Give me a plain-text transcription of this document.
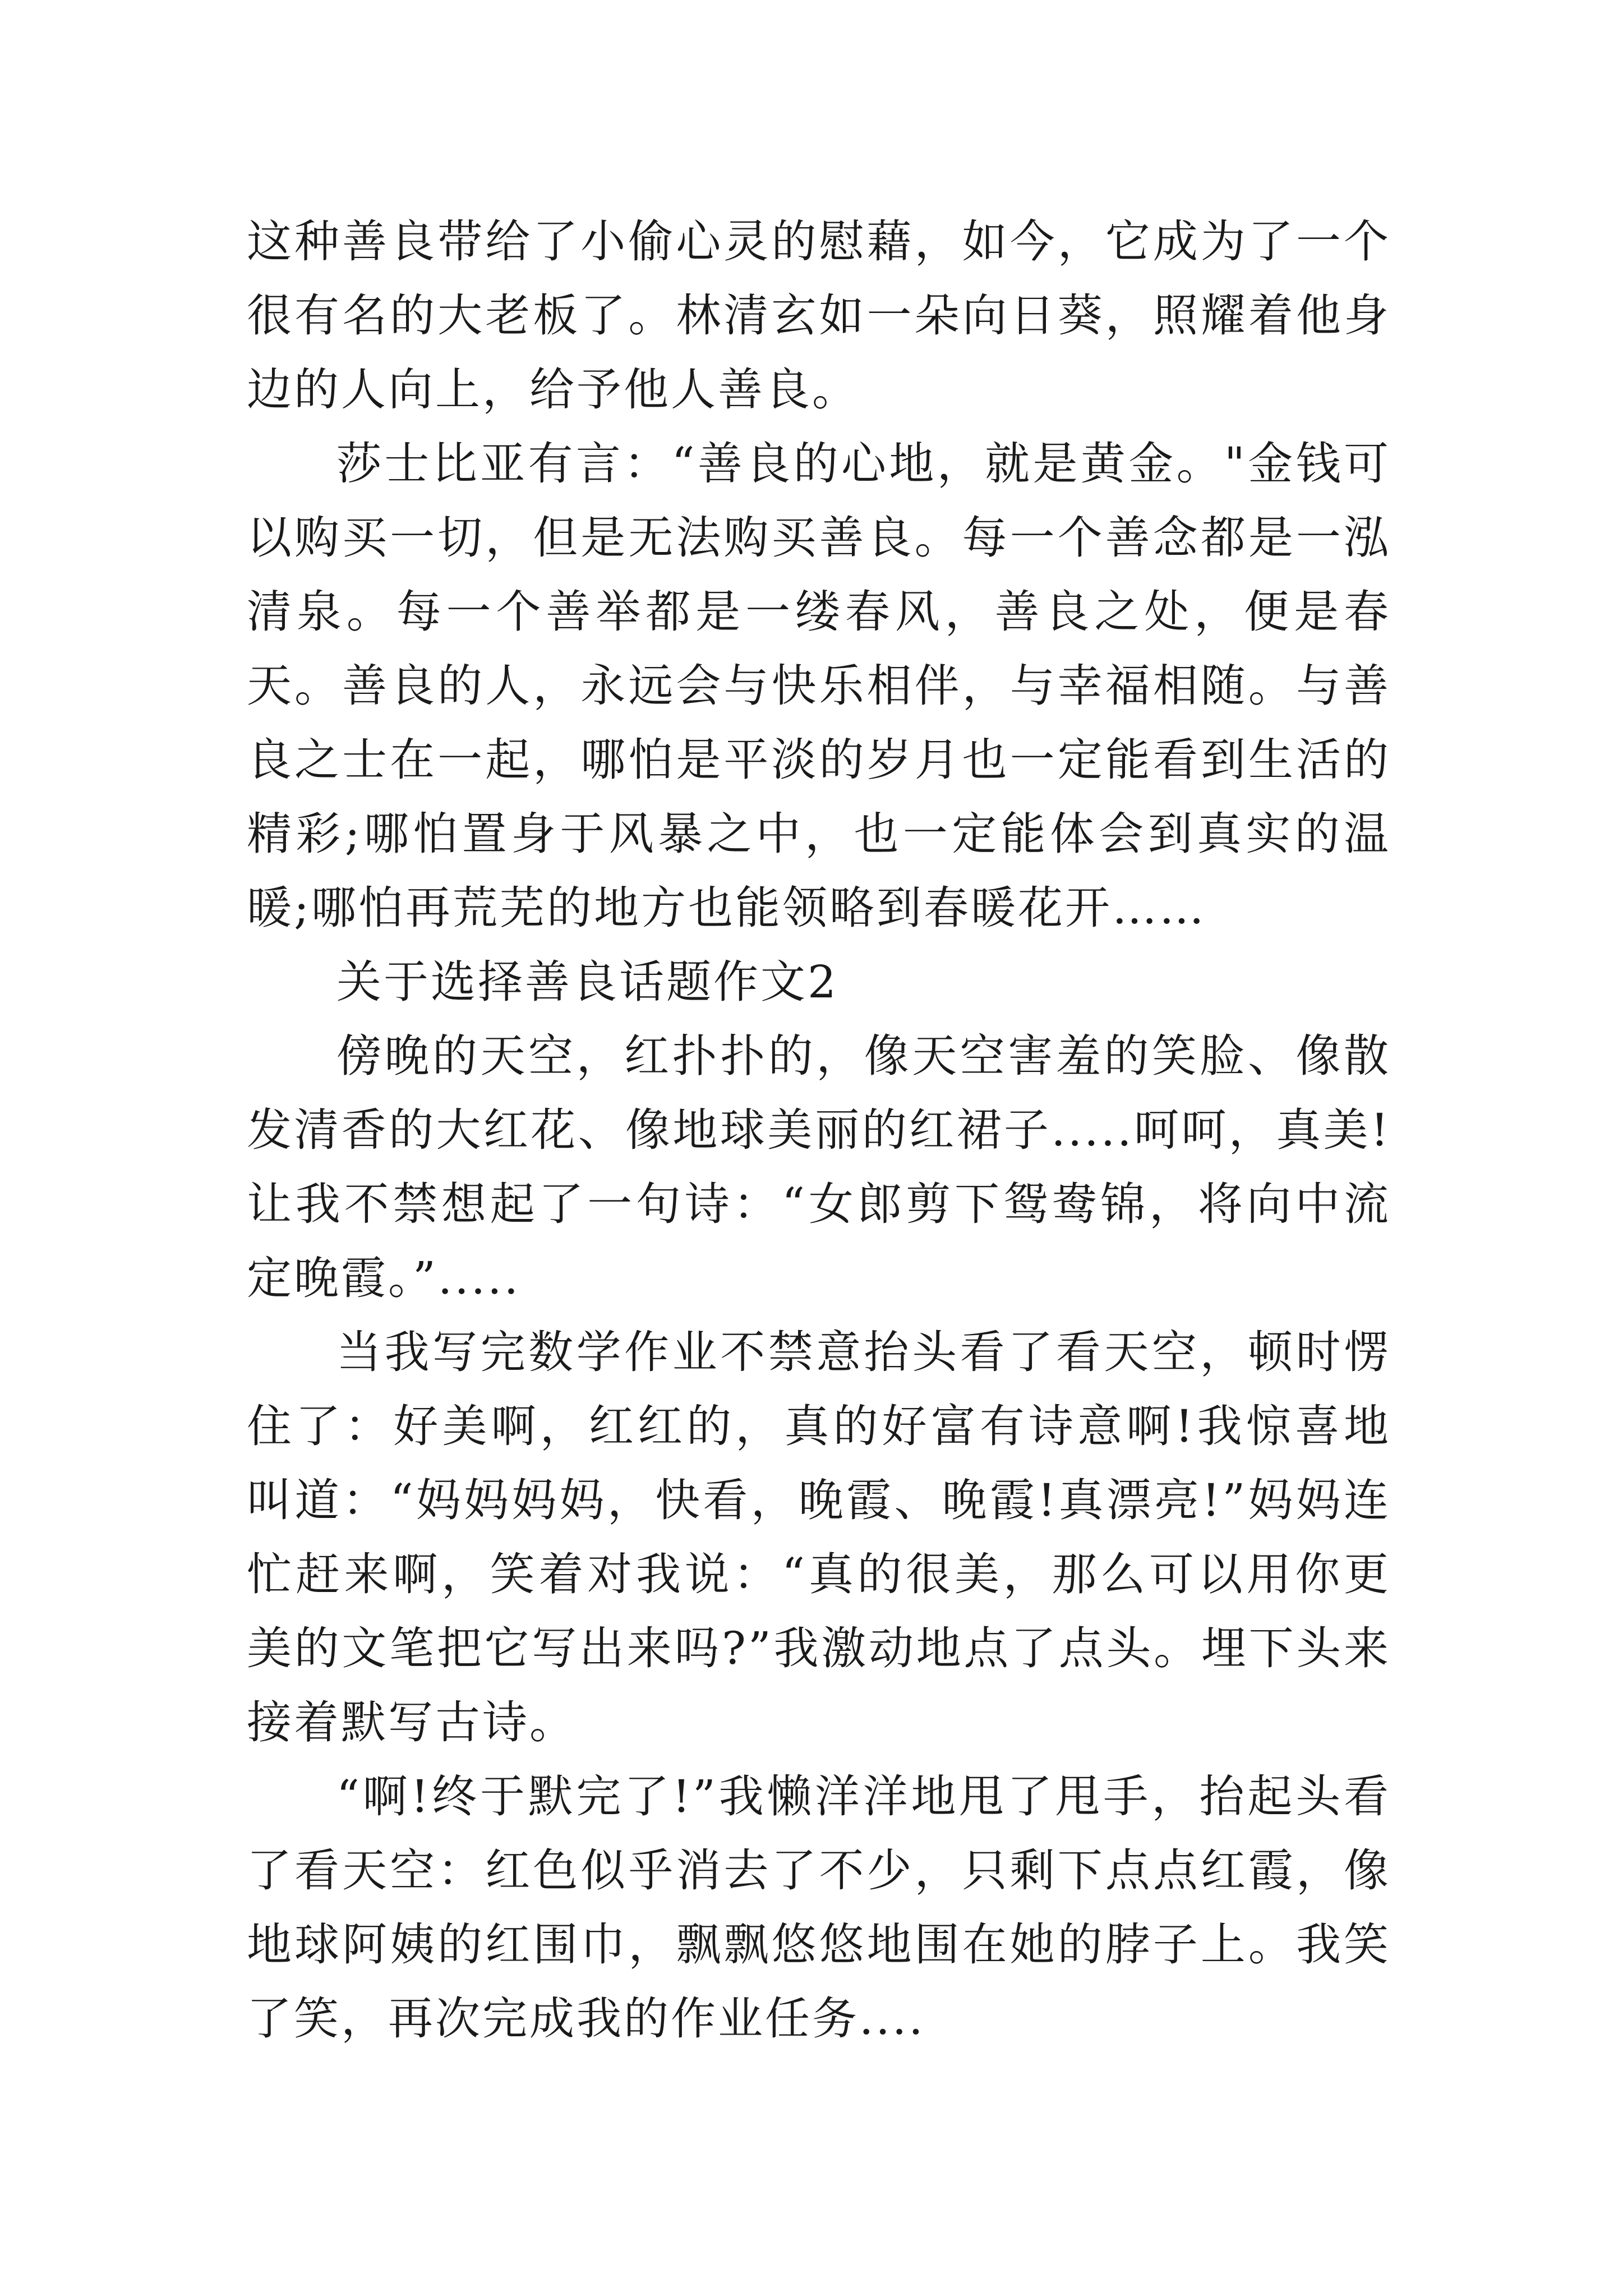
这种善良带给了小偷心灵的慰藉，如今，它成为了一个很有名的大老板了。林清玄如一朵向日葵，照耀着他身边的人向上，给予他人善良。

莎士比亚有言：“善良的心地，就是黄金。"金钱可以购买一切，但是无法购买善良。每一个善念都是一泓清泉。每一个善举都是一缕春风，善良之处，便是春天。善良的人，永远会与快乐相伴，与幸福相随。与善良之士在一起，哪怕是平淡的岁月也一定能看到生活的精彩;哪怕置身于风暴之中，也一定能体会到真实的温暖;哪怕再荒芜的地方也能领略到春暖花开……

关于选择善良话题作文2

傍晚的天空，红扑扑的，像天空害羞的笑脸、像散发清香的大红花、像地球美丽的红裙子.....呵呵，真美!让我不禁想起了一句诗：“女郎剪下鸳鸯锦，将向中流定晚霞。”.....

当我写完数学作业不禁意抬头看了看天空，顿时愣住了：好美啊，红红的，真的好富有诗意啊!我惊喜地叫道：“妈妈妈妈，快看，晚霞、晚霞!真漂亮!”妈妈连忙赶来啊，笑着对我说：“真的很美，那么可以用你更美的文笔把它写出来吗?”我激动地点了点头。埋下头来接着默写古诗。

“啊!终于默完了!”我懒洋洋地甩了甩手，抬起头看了看天空：红色似乎消去了不少，只剩下点点红霞，像地球阿姨的红围巾，飘飘悠悠地围在她的脖子上。我笑了笑，再次完成我的作业任务....
